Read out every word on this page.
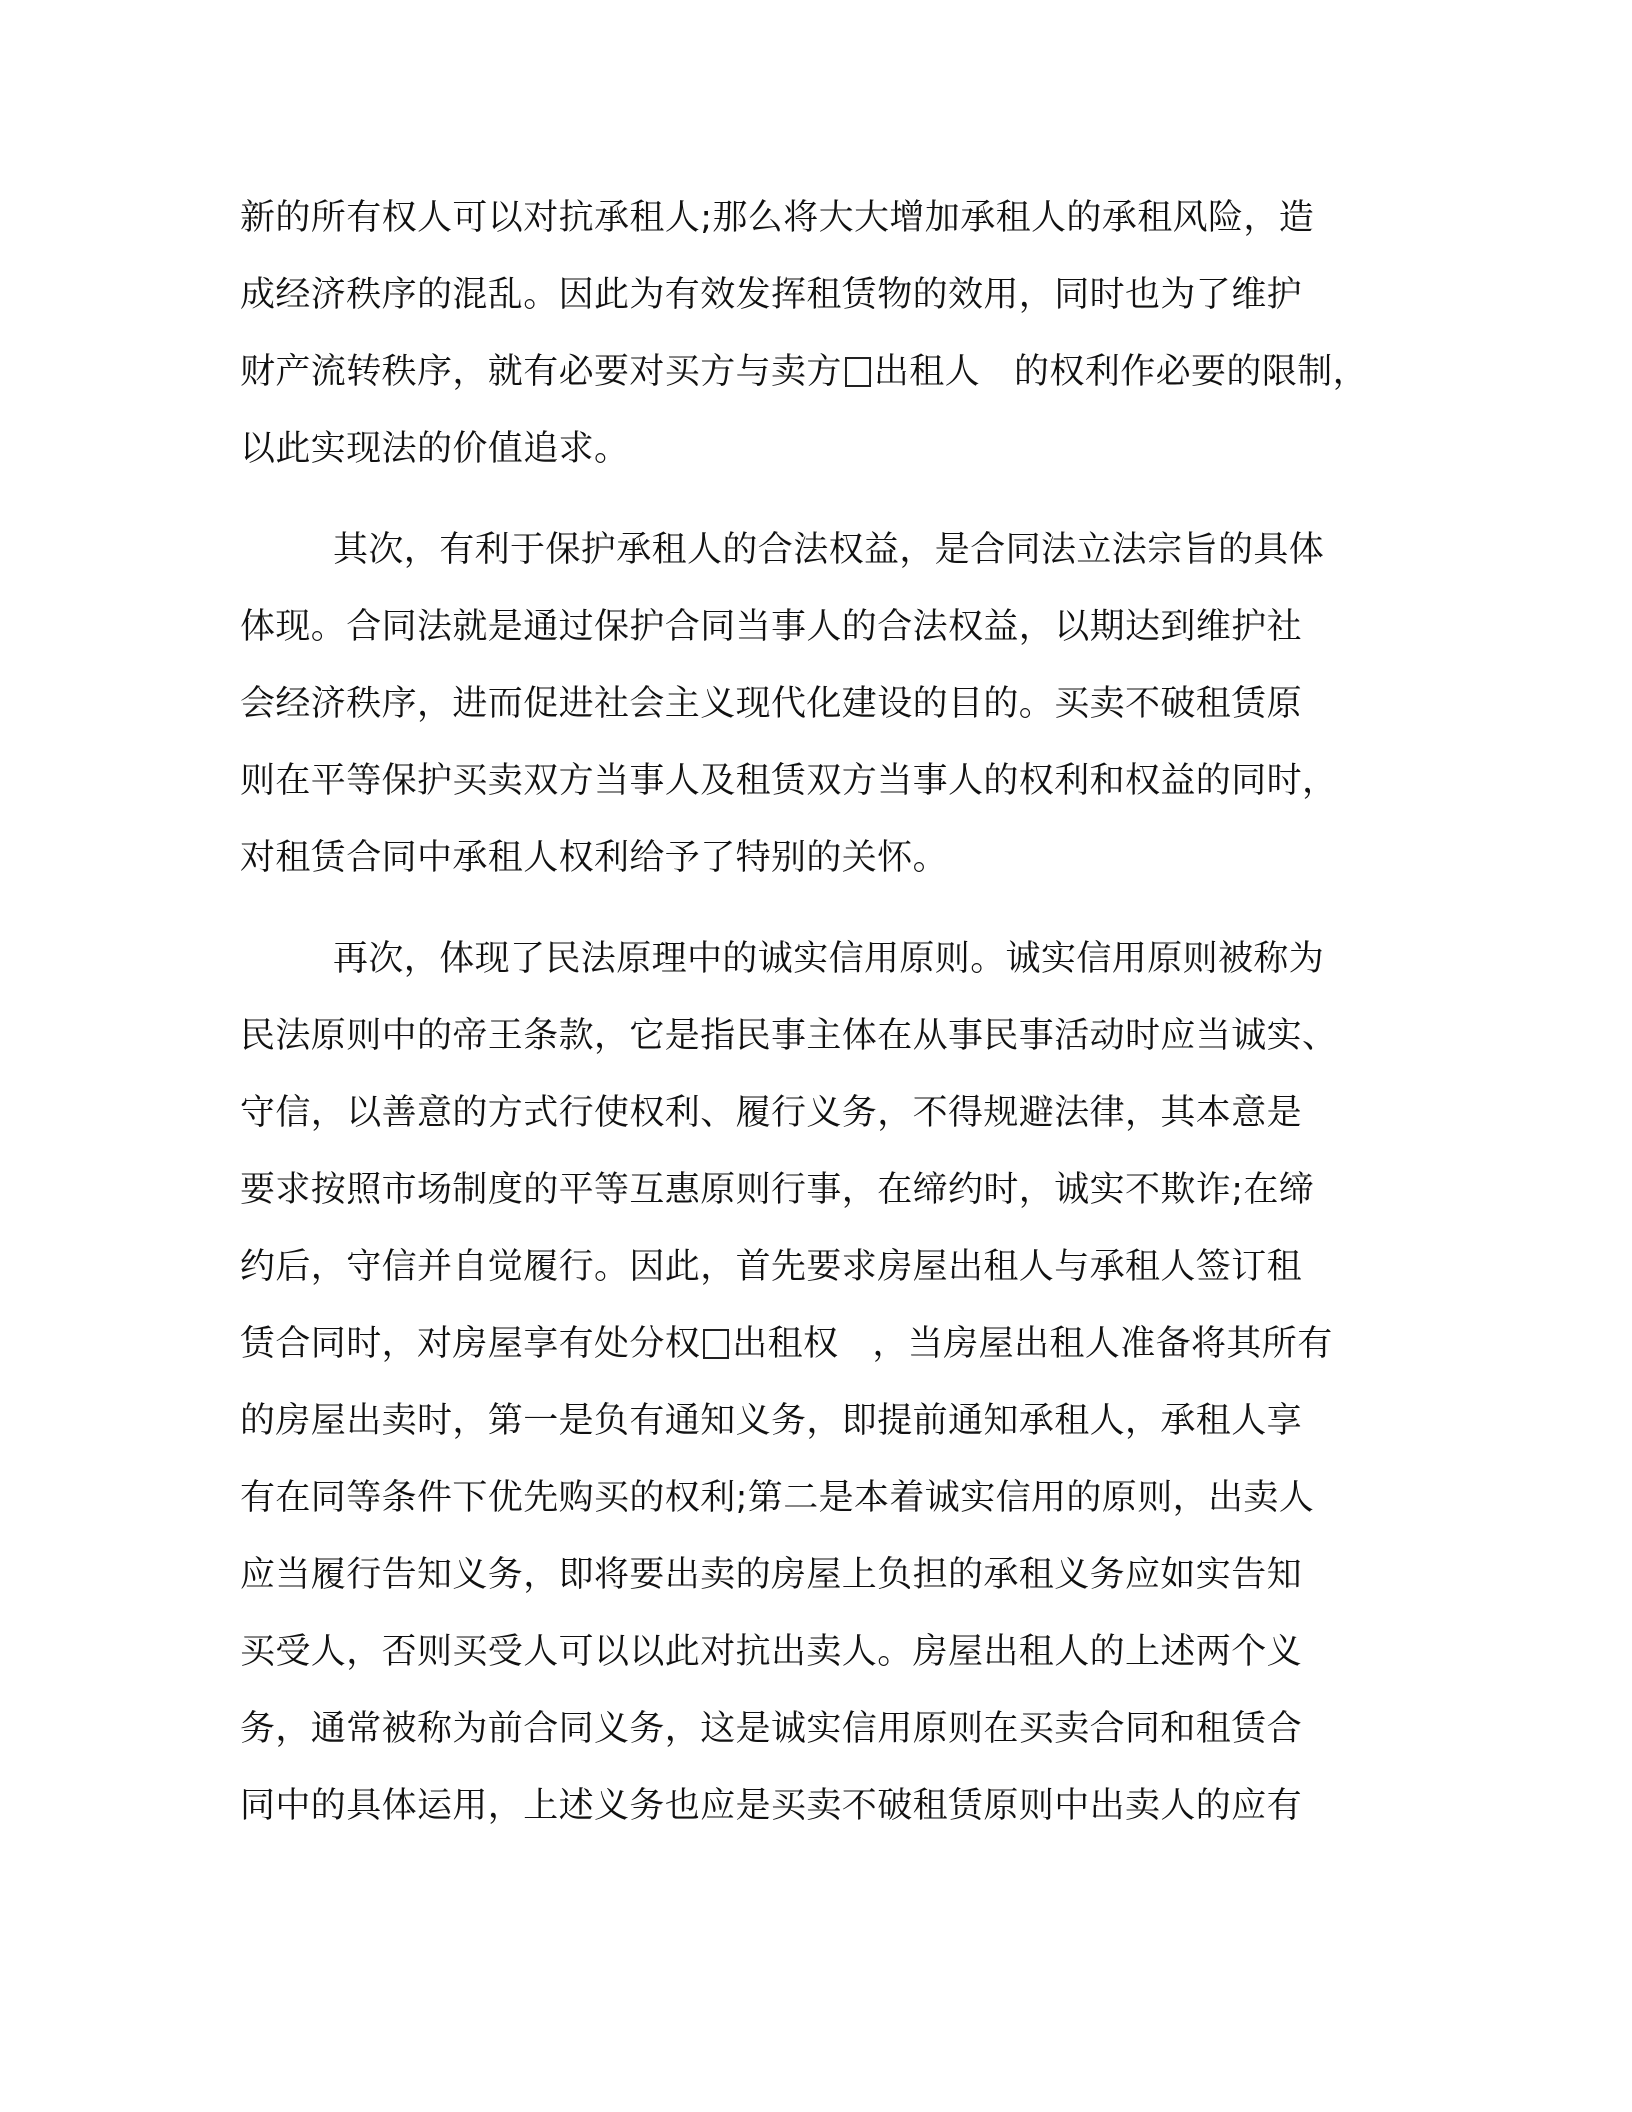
新的所有权人可以对抗承租人;那么将大大增加承租人的承租风险，造
成经济秩序的混乱。因此为有效发挥租赁物的效用，同时也为了维护
财产流转秩序，就有必要对买方与卖方 出租人 的权利作必要的限制，
以此实现法的价值追求。
其次，有利于保护承租人的合法权益，是合同法立法宗旨的具体
体现。合同法就是通过保护合同当事人的合法权益，以期达到维护社
会经济秩序，进而促进社会主义现代化建设的目的。买卖不破租赁原
则在平等保护买卖双方当事人及租赁双方当事人的权利和权益的同时，
对租赁合同中承租人权利给予了特别的关怀。
再次，体现了民法原理中的诚实信用原则。诚实信用原则被称为
民法原则中的帝王条款，它是指民事主体在从事民事活动时应当诚实、
守信，以善意的方式行使权利、履行义务，不得规避法律，其本意是
要求按照市场制度的平等互惠原则行事，在缔约时，诚实不欺诈;在缔
约后，守信并自觉履行。因此，首先要求房屋出租人与承租人签订租
赁合同时，对房屋享有处分权 出租权 ，当房屋出租人准备将其所有
的房屋出卖时，第一是负有通知义务，即提前通知承租人，承租人享
有在同等条件下优先购买的权利;第二是本着诚实信用的原则，出卖人
应当履行告知义务，即将要出卖的房屋上负担的承租义务应如实告知
买受人，否则买受人可以以此对抗出卖人。房屋出租人的上述两个义
务，通常被称为前合同义务，这是诚实信用原则在买卖合同和租赁合
同中的具体运用，上述义务也应是买卖不破租赁原则中出卖人的应有
